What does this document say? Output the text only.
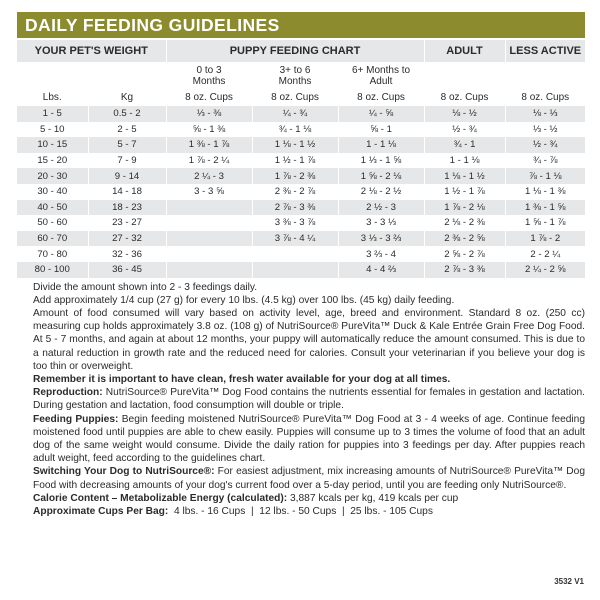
DAILY FEEDING GUIDELINES
YOUR PET'S WEIGHT		PUPPY FEEDING CHART			ADULT	LESS ACTIVE
		0 to 3 Months	3+ to 6 Months	6+ Months to Adult		
Lbs.	Kg	8 oz. Cups	8 oz. Cups	8 oz. Cups	8 oz. Cups	8 oz. Cups
1 - 5	0.5 - 2	⅓ - ⅜	¼ - ¾	¼ - ⅝	⅛ - ½	⅛ - ⅓
5 - 10	2 - 5	⅝ - 1 ⅜	¾ - 1 ⅛	⅝ - 1	½ - ¾	⅓ - ½
10 - 15	5 - 7	1 ⅜ - 1 ⅞	1 ⅛ - 1 ½	1 - 1 ⅛	¾ - 1	½ - ¾
15 - 20	7 - 9	1 ⅞ - 2 ¼	1 ½ - 1 ⅞	1 ⅓ - 1 ⅝	1 - 1 ⅛	¾ - ⅞
20 - 30	9 - 14	2 ¼ - 3	1 ⅞ - 2 ⅜	1 ⅝ - 2 ⅛	1 ⅛ - 1 ½	⅞ - 1 ⅛
30 - 40	14 - 18	3 - 3 ⅝	2 ⅜ - 2 ⅞	2 ⅛ - 2 ½	1 ½ - 1 ⅞	1 ⅛ - 1 ⅜
40 - 50	18 - 23		2 ⅞ - 3 ⅜	2 ½ - 3	1 ⅞ - 2 ⅛	1 ⅜ - 1 ⅝
50 - 60	23 - 27		3 ⅜ - 3 ⅞	3 - 3 ⅓	2 ⅛ - 2 ⅜	1 ⅝ - 1 ⅞
60 - 70	27 - 32		3 ⅞ - 4 ¼	3 ⅓ - 3 ⅔	2 ⅜ - 2 ⅝	1 ⅞ - 2
70 - 80	32 - 36			3 ⅔ - 4	2 ⅝ - 2 ⅞	2 - 2 ¼
80 - 100	36 - 45			4 - 4 ⅔	2 ⅞ - 3 ⅜	2 ¼ - 2 ⅝

Divide the amount shown into 2 - 3 feedings daily.

Add approximately 1/4 cup (27 g) for every 10 lbs. (4.5 kg) over 100 lbs. (45 kg) daily feeding.

Amount of food consumed will vary based on activity level, age, breed and environment. Standard 8 oz. (250 cc) measuring cup holds approximately 3.8 oz. (108 g) of NutriSource® PureVita™ Duck & Kale Entrée Grain Free Dog Food. At 5 - 7 months, and again at about 12 months, your puppy will automatically reduce the amount consumed. This is due to a natural reduction in growth rate and the reduced need for calories. Consult your veterinarian if you believe your dog is too thin or overweight.

Remember it is important to have clean, fresh water available for your dog at all times.

Reproduction: NutriSource® PureVita™ Dog Food contains the nutrients essential for females in gestation and lactation. During gestation and lactation, food consumption will double or triple.

Feeding Puppies: Begin feeding moistened NutriSource® PureVita™ Dog Food at 3 - 4 weeks of age. Continue feeding moistened food until puppies are able to chew easily. Puppies will consume up to 3 times the volume of food that an adult dog of the same weight would consume. Divide the daily ration for puppies into 3 feedings per day. After puppies reach adult weight, feed according to the guidelines chart.

Switching Your Dog to NutriSource®: For easiest adjustment, mix increasing amounts of NutriSource® PureVita™ Dog Food with decreasing amounts of your dog's current food over a 5-day period, until you are feeding only NutriSource®.

Calorie Content – Metabolizable Energy (calculated): 3,887 kcals per kg, 419 kcals per cup

Approximate Cups Per Bag:  4 lbs. - 16 Cups  |  12 lbs. - 50 Cups  |  25 lbs. - 105 Cups

3532 V1
